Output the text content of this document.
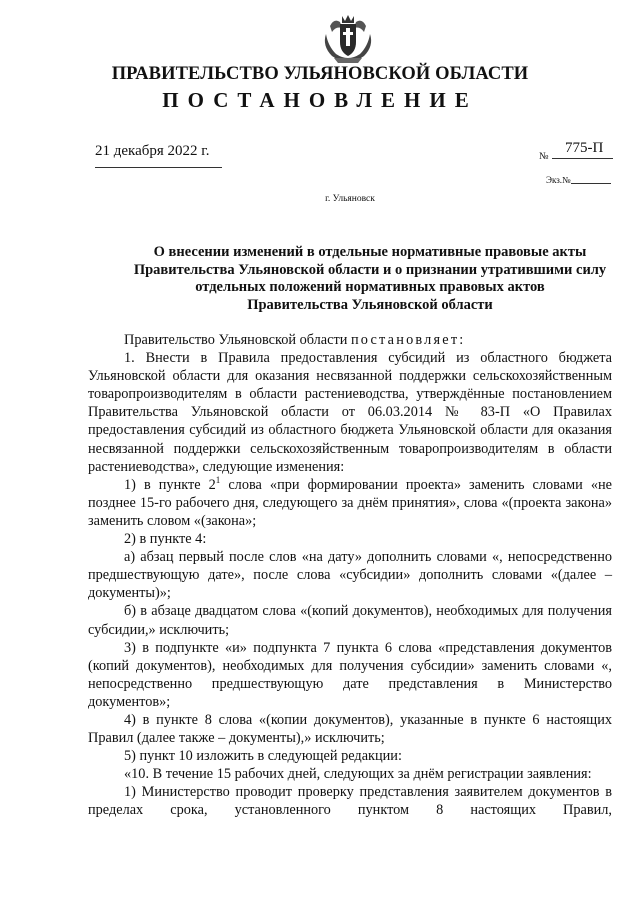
ПРАВИТЕЛЬСТВО УЛЬЯНОВСКОЙ ОБЛАСТИ
ПОСТАНОВЛЕНИЕ
21 декабря 2022 г.	№
775-П
Экз.№
г. Ульяновск
О внесении изменений в отдельные нормативные правовые акты
Правительства Ульяновской области и о признании утратившими силу
отдельных положений нормативных правовых актов
Правительства Ульяновской области

Правительство Ульяновской области постановляет:

1. Внести в Правила предоставления субсидий из областного бюджета Ульяновской области для оказания несвязанной поддержки сельскохозяйственным товаропроизводителям в области растениеводства, утверждённые постановлением Правительства Ульяновской области от 06.03.2014 № 83-П «О Правилах предоставления субсидий из областного бюджета Ульяновской области для оказания несвязанной поддержки сельскохозяйственным товаропроизводителям в области растениеводства», следующие изменения:

1) в пункте $2^1$ слова «при формировании проекта» заменить словами «не позднее 15-го рабочего дня, следующего за днём принятия», слова «(проекта закона» заменить словом «(закона»;

2) в пункте 4:

а) абзац первый после слов «на дату» дополнить словами «, непосредственно предшествующую дате», после слова «субсидии» дополнить словами «(далее – документы)»;

б) в абзаце двадцатом слова «(копий документов), необходимых для получения субсидии,» исключить;

3) в подпункте «и» подпункта 7 пункта 6 слова «представления документов (копий документов), необходимых для получения субсидии» заменить словами «, непосредственно предшествующую дате представления в Министерство документов»;

4) в пункте 8 слова «(копии документов), указанные в пункте 6 настоящих Правил (далее также – документы),» исключить;

5) пункт 10 изложить в следующей редакции:

«10. В течение 15 рабочих дней, следующих за днём регистрации заявления:

1) Министерство проводит проверку представления заявителем документов в пределах срока, установленного пунктом 8 настоящих Правил,
